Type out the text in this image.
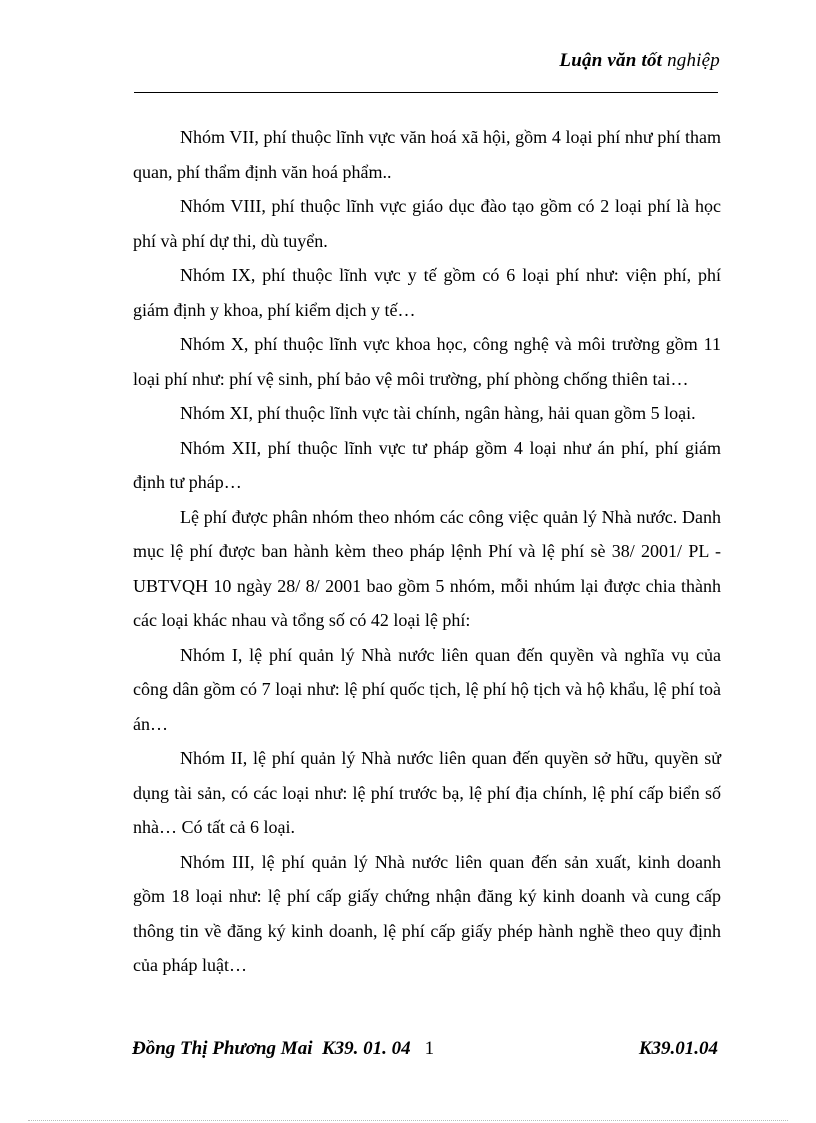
Luận văn tốt nghiệp

Nhóm VII, phí thuộc lĩnh vực văn hoá xã hội, gồm 4 loại phí như phí tham quan, phí thẩm định văn hoá phẩm..

Nhóm VIII, phí thuộc lĩnh vực giáo dục đào tạo gồm có 2 loại phí là học phí và phí dự thi, dù tuyển.

Nhóm IX, phí thuộc lĩnh vực y tế gồm có 6 loại phí như: viện phí, phí giám định y khoa, phí kiểm dịch y tế…

Nhóm X, phí thuộc lĩnh vực khoa học, công nghệ và môi trường gồm 11 loại phí như: phí vệ sinh, phí bảo vệ môi trường, phí phòng chống thiên tai…

Nhóm XI, phí thuộc lĩnh vực tài chính, ngân hàng, hải quan gồm 5 loại.

Nhóm XII, phí thuộc lĩnh vực tư pháp gồm 4 loại như án phí, phí giám định tư pháp…

Lệ phí được phân nhóm theo nhóm các công việc quản lý Nhà nước. Danh mục lệ phí được ban hành kèm theo pháp lệnh Phí và lệ phí sè 38/ 2001/ PL - UBTVQH 10 ngày 28/ 8/ 2001 bao gồm 5 nhóm, mỗi nhúm lại được chia thành các loại khác nhau và tổng số có 42 loại lệ phí:

Nhóm I, lệ phí quản lý Nhà nước liên quan đến quyền và nghĩa vụ của công dân gồm có 7 loại như: lệ phí quốc tịch, lệ phí hộ tịch và hộ khẩu, lệ phí toà án…

Nhóm II, lệ phí quản lý Nhà nước liên quan đến quyền sở hữu, quyền sử dụng tài sản, có các loại như: lệ phí trước bạ, lệ phí địa chính, lệ phí cấp biển số nhà… Có tất cả 6 loại.

Nhóm III, lệ phí quản lý Nhà nước liên quan đến sản xuất, kinh doanh gồm 18 loại như: lệ phí cấp giấy chứng nhận đăng ký kinh doanh và cung cấp thông tin về đăng ký kinh doanh, lệ phí cấp giấy phép hành nghề theo quy định của pháp luật…

Đồng Thị Phương Mai K39. 01. 04 1	K39.01.04
